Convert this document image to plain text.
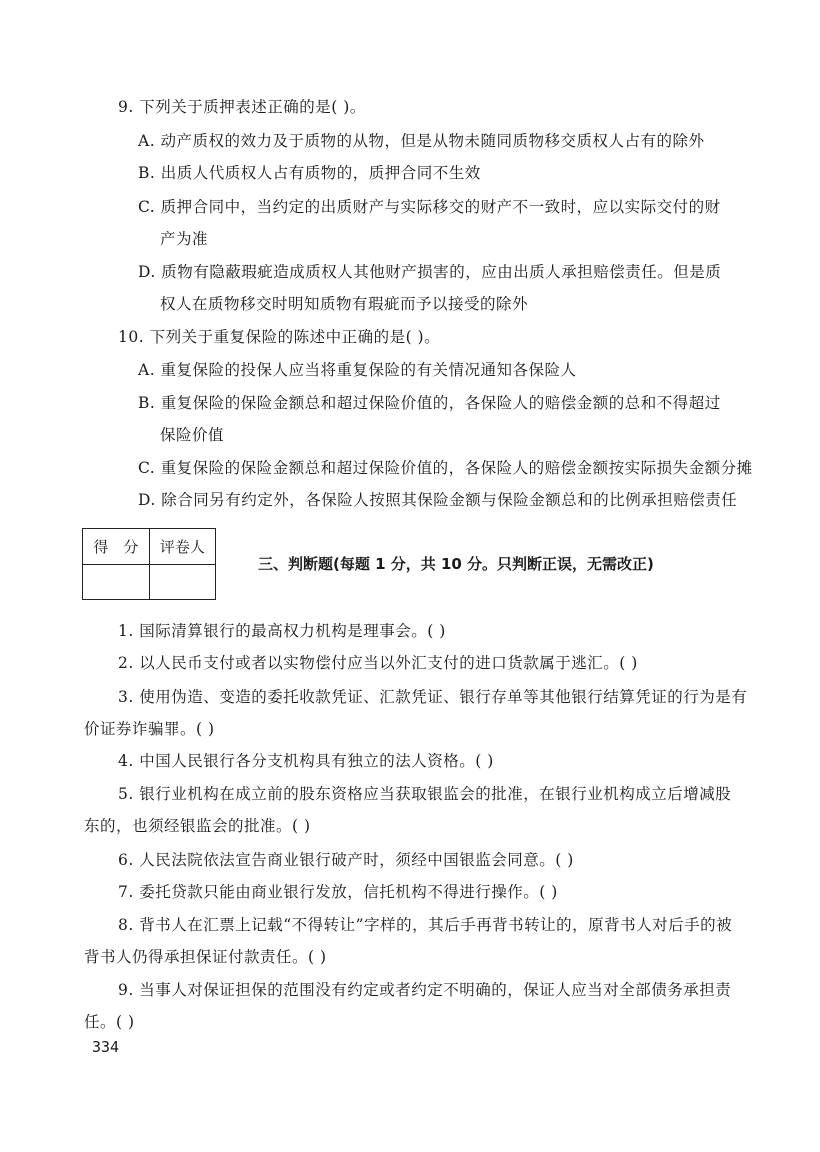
9. 下列关于质押表述正确的是( )。
A. 动产质权的效力及于质物的从物，但是从物未随同质物移交质权人占有的除外
B. 出质人代质权人占有质物的，质押合同不生效
C. 质押合同中，当约定的出质财产与实际移交的财产不一致时，应以实际交付的财
产为准
D. 质物有隐蔽瑕疵造成质权人其他财产损害的，应由出质人承担赔偿责任。但是质
权人在质物移交时明知质物有瑕疵而予以接受的除外
10. 下列关于重复保险的陈述中正确的是( )。
A. 重复保险的投保人应当将重复保险的有关情况通知各保险人
B. 重复保险的保险金额总和超过保险价值的，各保险人的赔偿金额的总和不得超过
保险价值
C. 重复保险的保险金额总和超过保险价值的，各保险人的赔偿金额按实际损失金额分摊
D. 除合同另有约定外，各保险人按照其保险金额与保险金额总和的比例承担赔偿责任
得　分	评卷人

三、判断题(每题 1 分，共 10 分。只判断正误，无需改正)
1. 国际清算银行的最高权力机构是理事会。( )
2. 以人民币支付或者以实物偿付应当以外汇支付的进口货款属于逃汇。( )
3. 使用伪造、变造的委托收款凭证、汇款凭证、银行存单等其他银行结算凭证的行为是有
价证券诈骗罪。( )
4. 中国人民银行各分支机构具有独立的法人资格。( )
5. 银行业机构在成立前的股东资格应当获取银监会的批准，在银行业机构成立后增减股
东的，也须经银监会的批准。( )
6. 人民法院依法宣告商业银行破产时，须经中国银监会同意。( )
7. 委托贷款只能由商业银行发放，信托机构不得进行操作。( )
8. 背书人在汇票上记载“不得转让”字样的，其后手再背书转让的，原背书人对后手的被
背书人仍得承担保证付款责任。( )
9. 当事人对保证担保的范围没有约定或者约定不明确的，保证人应当对全部债务承担责
任。( )
334
